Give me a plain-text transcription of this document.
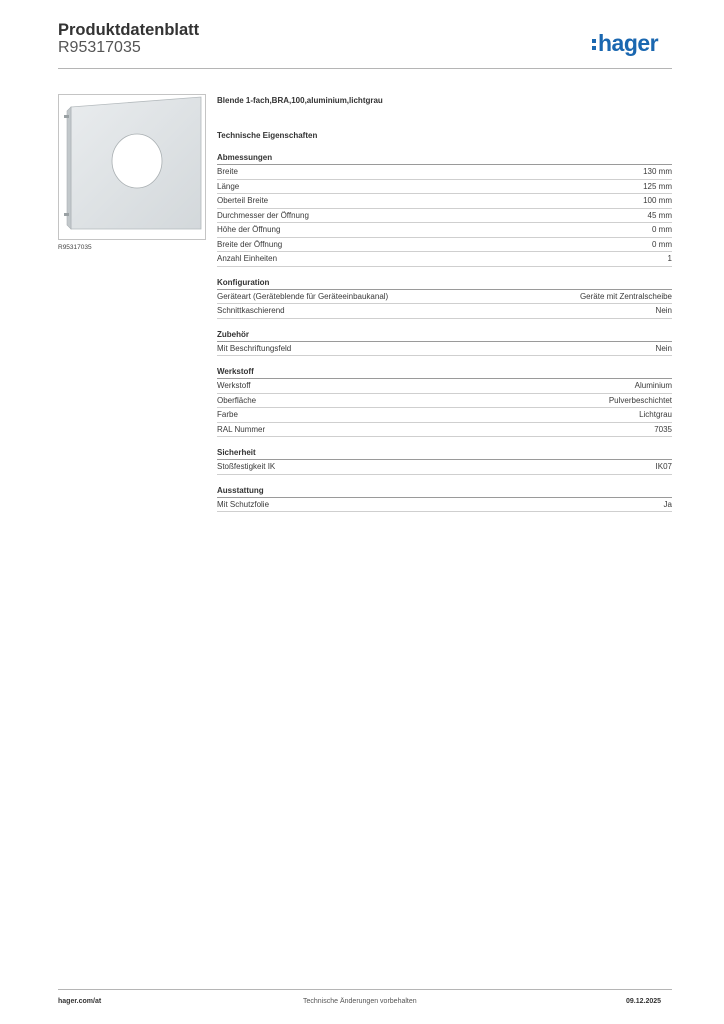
Produktdatenblatt
R95317035	hager
R95317035
Blende 1-fach,BRA,100,aluminium,lichtgrau
Technische Eigenschaften
Abmessungen
Breite	130 mm
Länge	125 mm
Oberteil Breite	100 mm
Durchmesser der Öffnung	45 mm
Höhe der Öffnung	0 mm
Breite der Öffnung	0 mm
Anzahl Einheiten	1
Konfiguration
Geräteart (Geräteblende für Geräteeinbaukanal)	Geräte mit Zentralscheibe
Schnittkaschierend	Nein
Zubehör
Mit Beschriftungsfeld	Nein
Werkstoff
Werkstoff	Aluminium
Oberfläche	Pulverbeschichtet
Farbe	Lichtgrau
RAL Nummer	7035
Sicherheit
Stoßfestigkeit IK	IK07
Ausstattung
Mit Schutzfolie	Ja
hager.com/at	Technische Änderungen vorbehalten	09.12.2025
